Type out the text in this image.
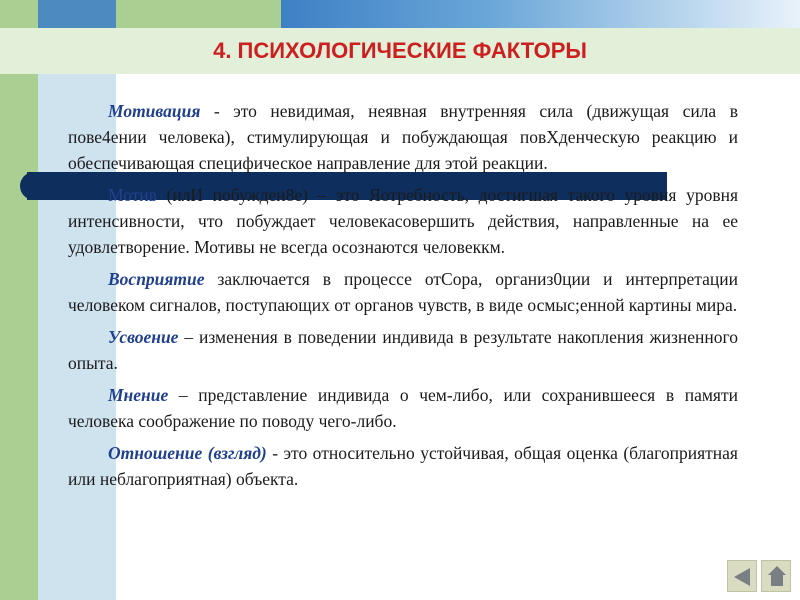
4. ПСИХОЛОГИЧЕСКИЕ ФАКТОРЫ

Мотивация - это невидимая, неявная внутренняя сила (движущая сила в пове4ении человека), стимулирующая и побуждающая повХденческую реакцию и обеспечивающая специфическое направление для этой реакции.

Мотив (илИ побужден8е) – это Яотребность, достигшая такого уровня уровня интенсивности, что побуждает человекасовершить действия, направленные на ее удовлетворение. Мотивы не всегда осознаются человеккм.

Восприятие заключается в процессе отСора, организ0ции и интерпретации человеком сигналов, поступающих от органов чувств, в виде осмыс;енной картины мира.

Усвоение – изменения в поведении индивида в результате накопления жизненного опыта.

Мнение – представление индивида о чем-либо, или сохранившееся в памяти человека соображение по поводу чего-либо.

Отношение (взгляд) - это относительно устойчивая, общая оценка (благоприятная или неблагоприятная) объекта.
